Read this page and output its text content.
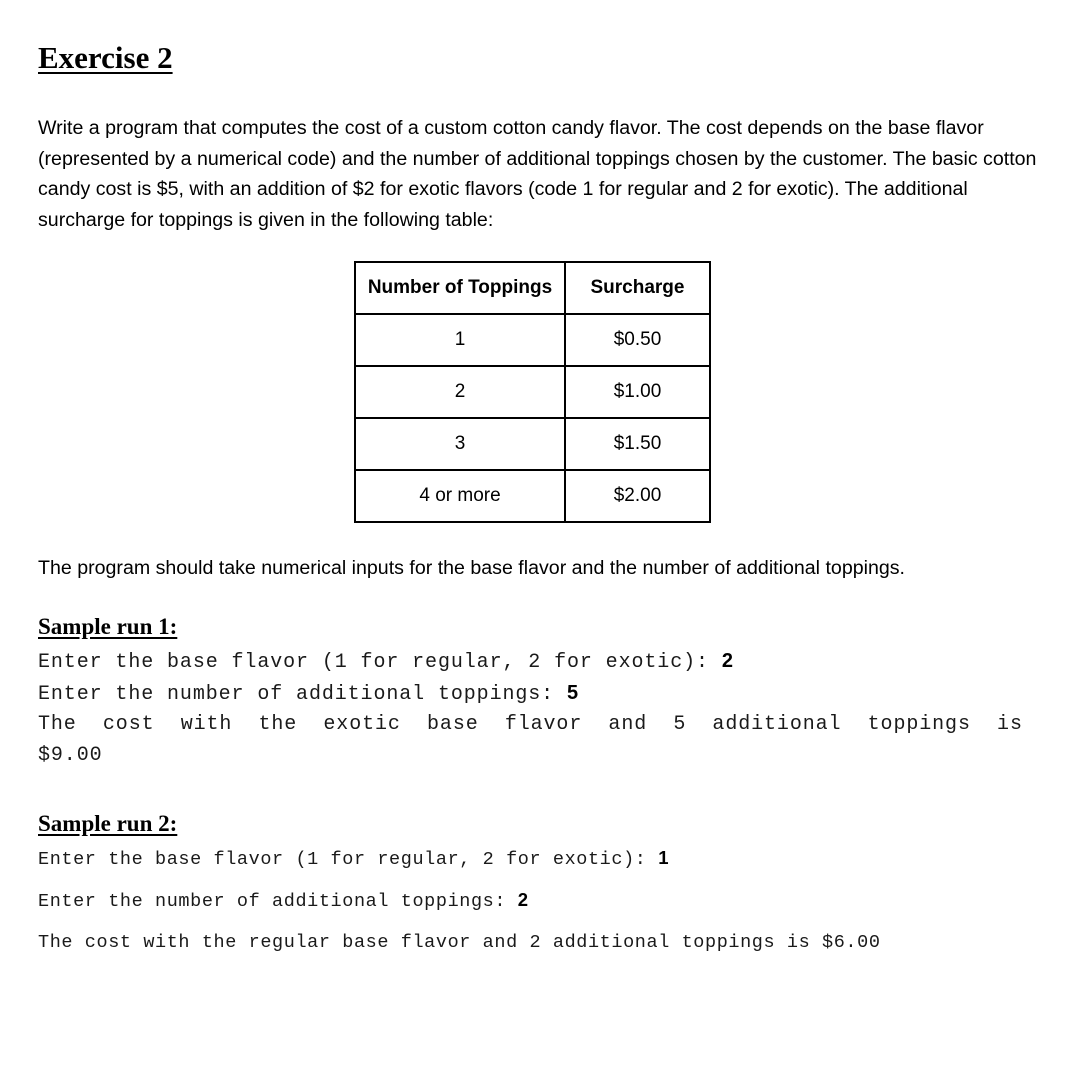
Exercise 2

Write a program that computes the cost of a custom cotton candy flavor. The cost depends on the base flavor (represented by a numerical code) and the number of additional toppings chosen by the customer. The basic cotton candy cost is $5, with an addition of $2 for exotic flavors (code 1 for regular and 2 for exotic). The additional surcharge for toppings is given in the following table:

Number of Toppings	Surcharge
1	$0.50
2	$1.00
3	$1.50
4 or more	$2.00

The program should take numerical inputs for the base flavor and the number of additional toppings.

Sample run 1:

Enter the base flavor (1 for regular, 2 for exotic): 2
Enter the number of additional toppings: 5
The cost with the exotic base flavor and 5 additional toppings is
$9.00

Sample run 2:

Enter the base flavor (1 for regular, 2 for exotic): 1
Enter the number of additional toppings: 2
The cost with the regular base flavor and 2 additional toppings is $6.00
